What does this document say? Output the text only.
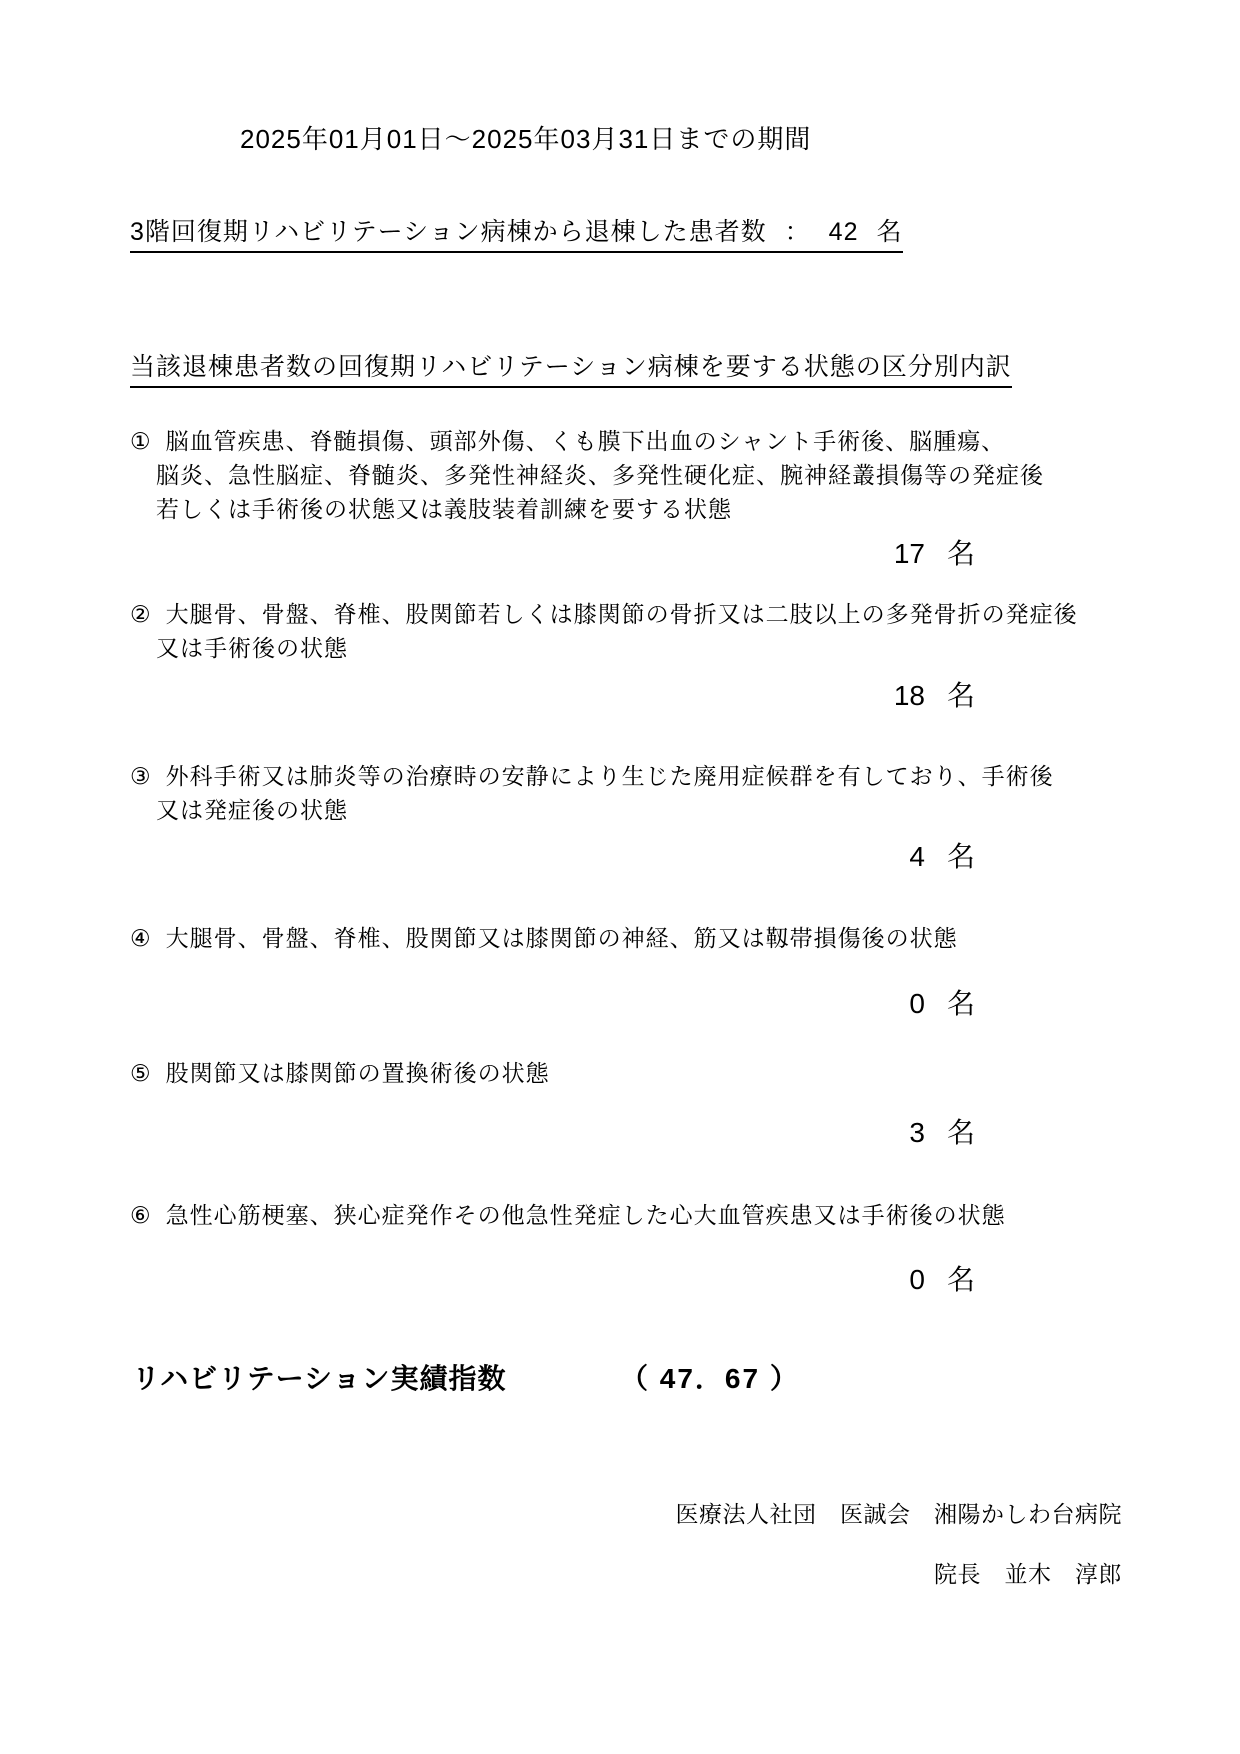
2025年01月01日～2025年03月31日までの期間
3階回復期リハビリテーション病棟から退棟した患者数 ： 42 名
当該退棟患者数の回復期リハビリテーション病棟を要する状態の区分別内訳
① 脳血管疾患、脊髄損傷、頭部外傷、くも膜下出血のシャント手術後、脳腫瘍、
脳炎、急性脳症、脊髄炎、多発性神経炎、多発性硬化症、腕神経叢損傷等の発症後
若しくは手術後の状態又は義肢装着訓練を要する状態
17 名
② 大腿骨、骨盤、脊椎、股関節若しくは膝関節の骨折又は二肢以上の多発骨折の発症後
又は手術後の状態
18 名
③ 外科手術又は肺炎等の治療時の安静により生じた廃用症候群を有しており、手術後
又は発症後の状態
4 名
④ 大腿骨、骨盤、脊椎、股関節又は膝関節の神経、筋又は靱帯損傷後の状態
0 名
⑤ 股関節又は膝関節の置換術後の状態
3 名
⑥ 急性心筋梗塞、狭心症発作その他急性発症した心大血管疾患又は手術後の状態
0 名
リハビリテーション実績指数	（ 47．67 ）
医療法人社団　医誠会　湘陽かしわ台病院
院長　並木　淳郎
